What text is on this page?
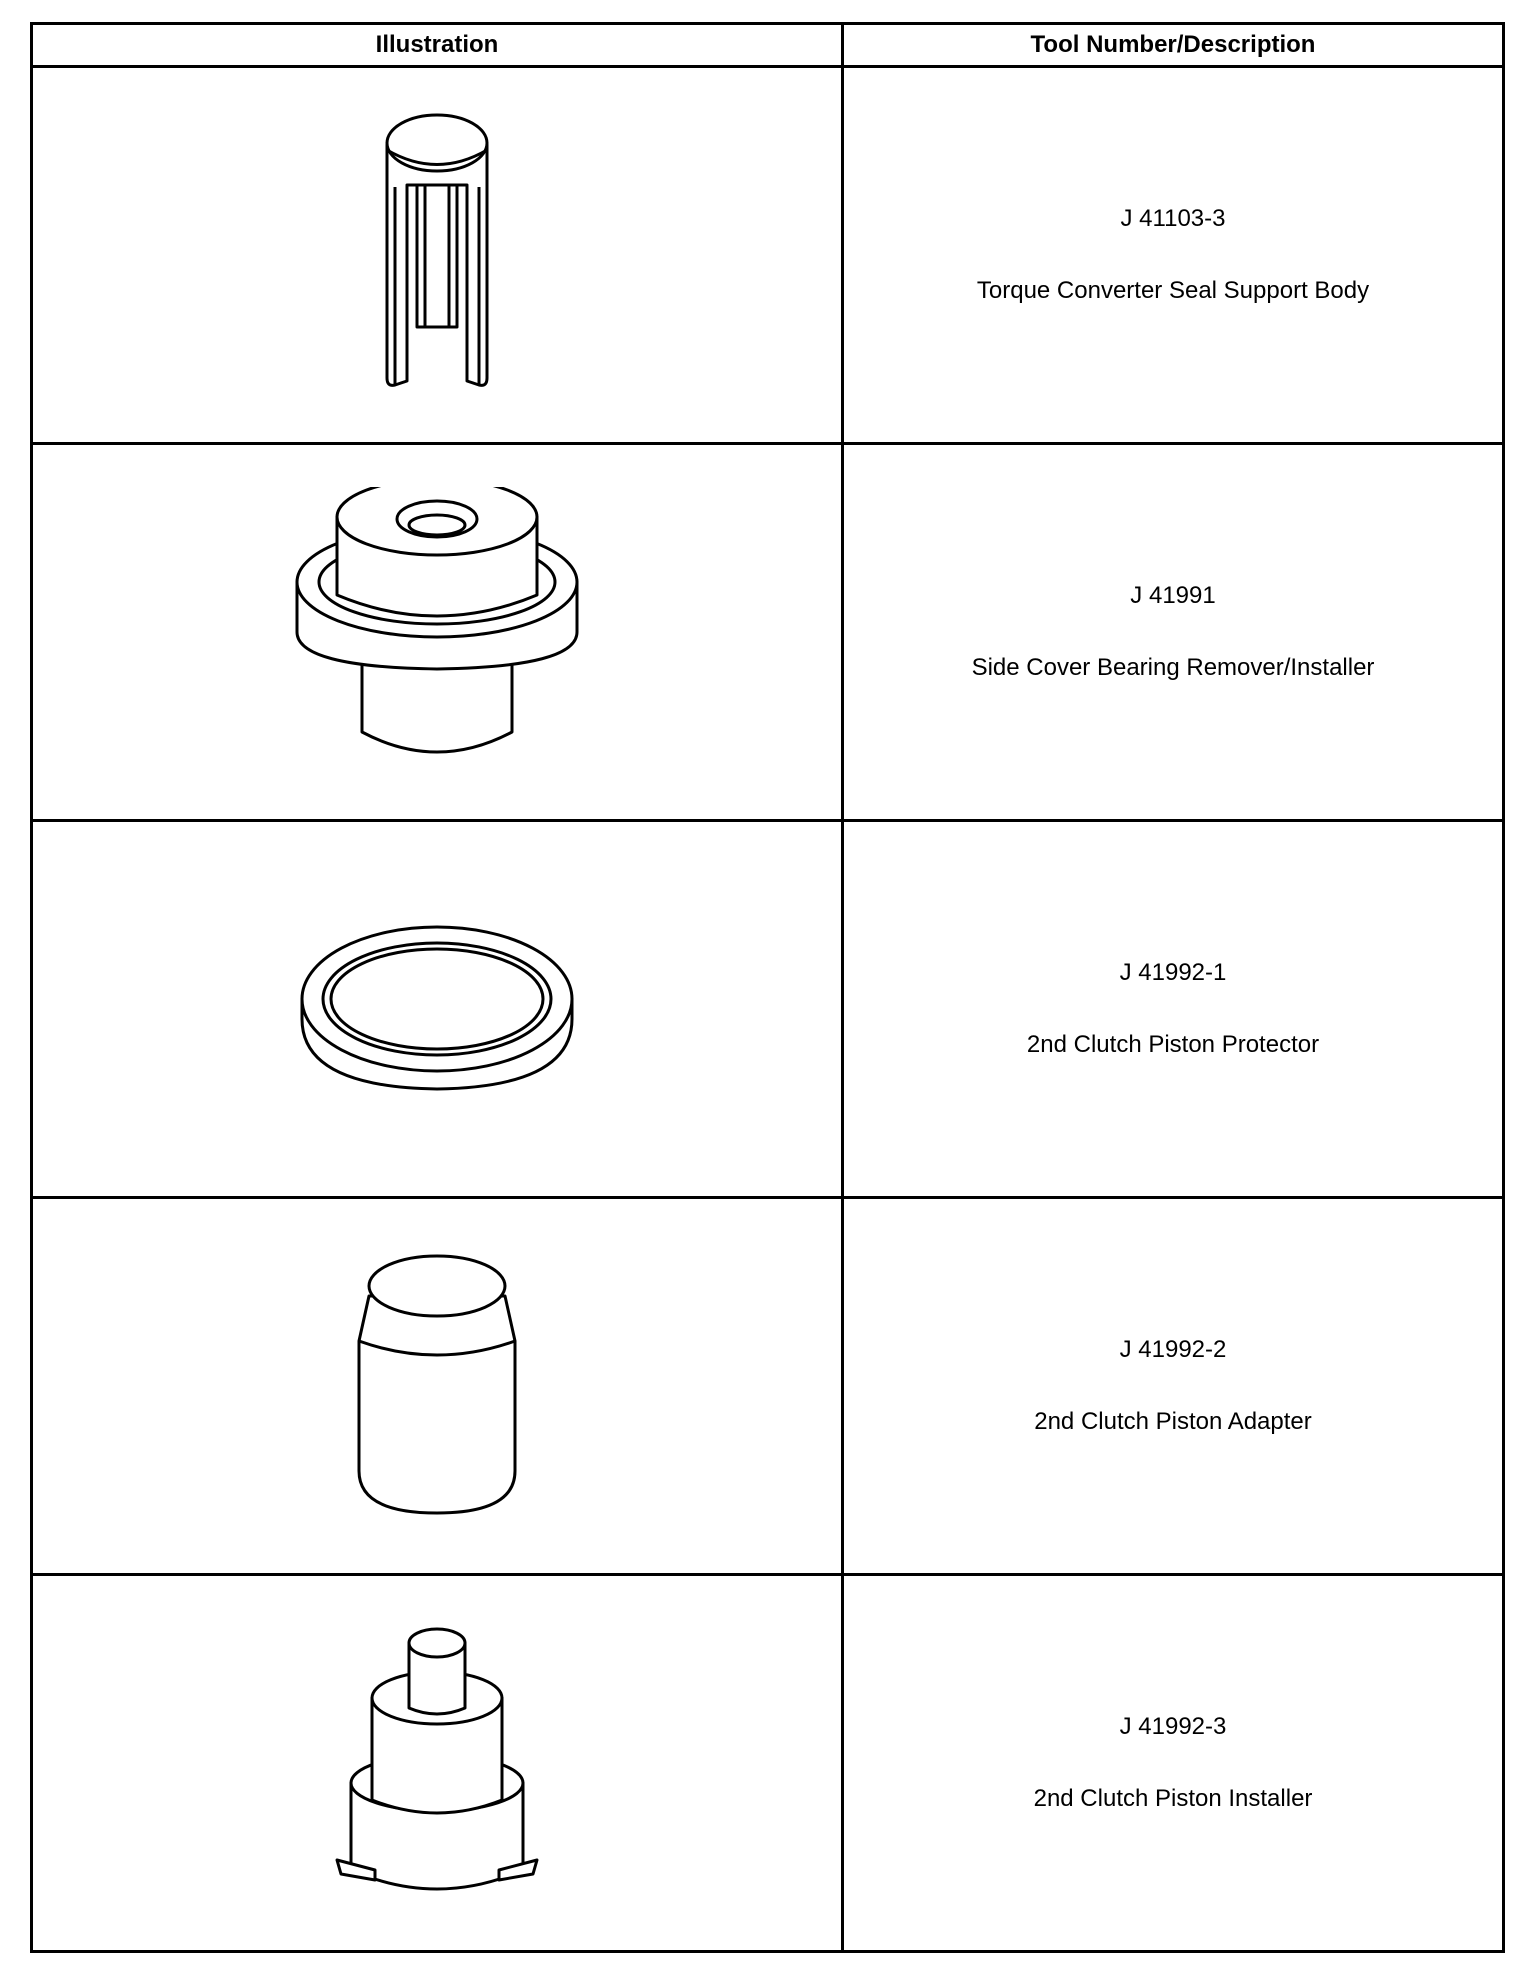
Illustration	Tool Number/Description

J 41103-3
Torque Converter Seal Support Body

J 41991
Side Cover Bearing Remover/Installer

J 41992-1
2nd Clutch Piston Protector

J 41992-2
2nd Clutch Piston Adapter

J 41992-3
2nd Clutch Piston Installer
